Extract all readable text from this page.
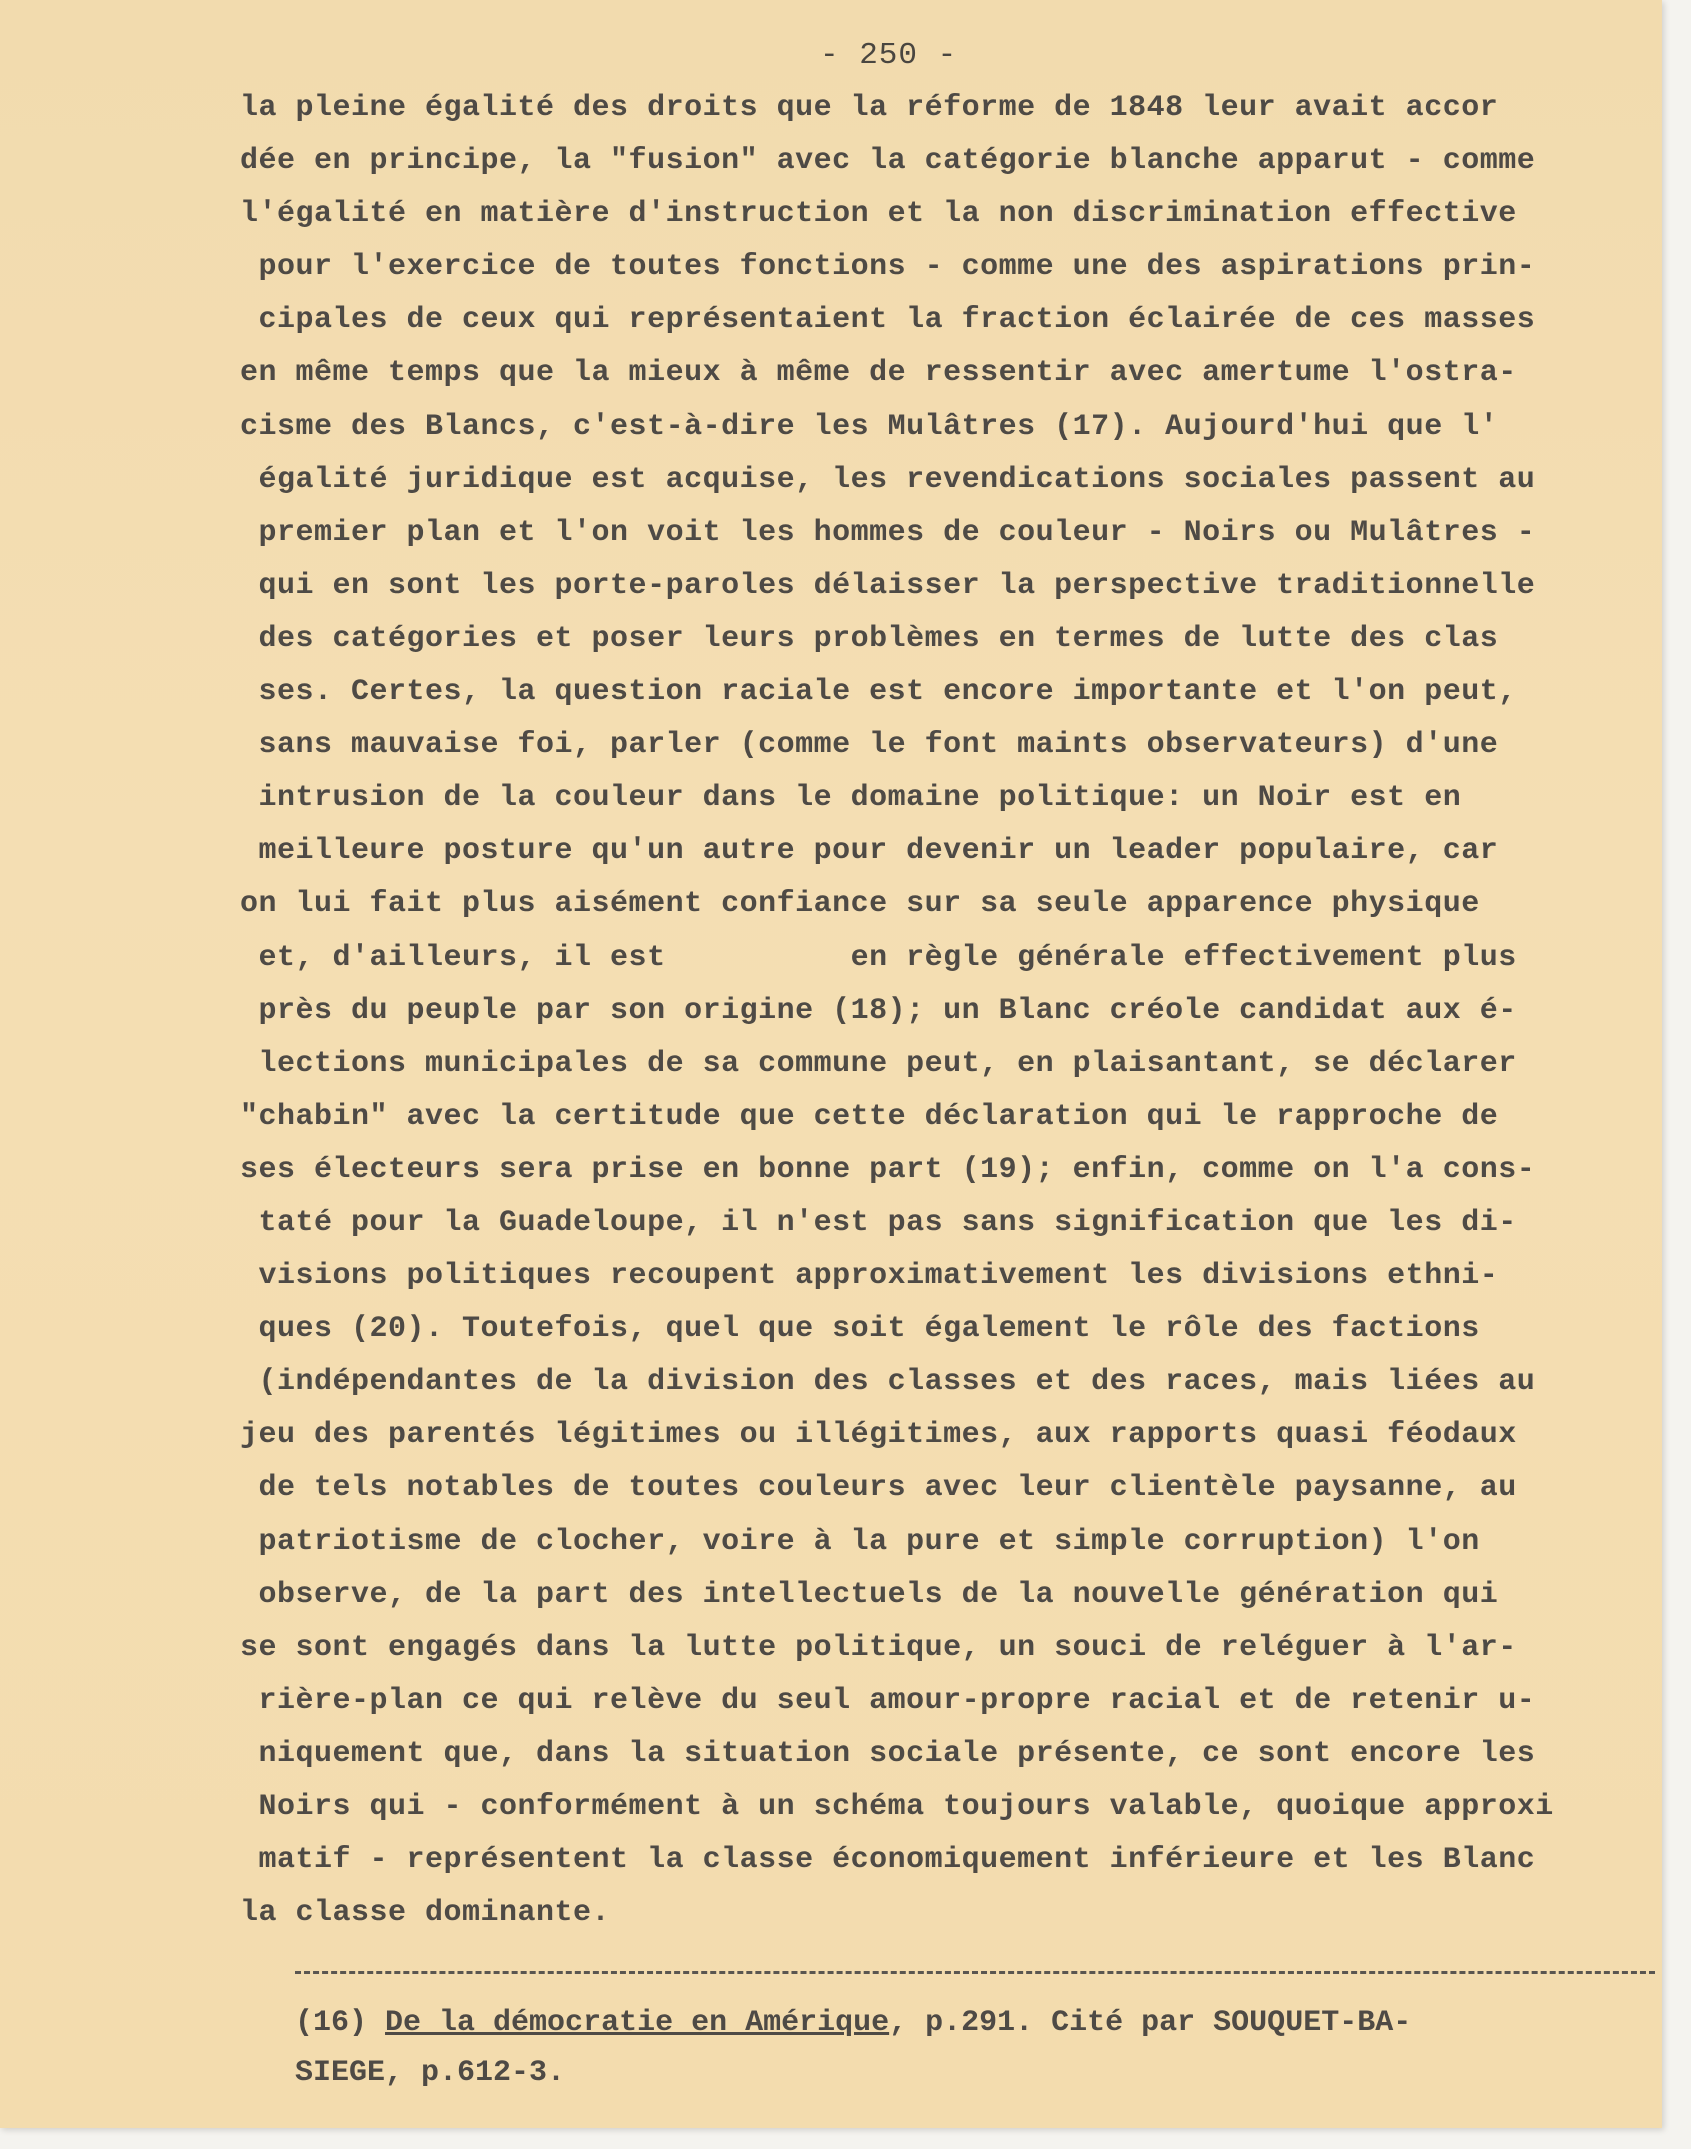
- 250 -
la pleine égalité des droits que la réforme de 1848 leur avait accor
dée en principe, la "fusion" avec la catégorie blanche apparut - comme
l'égalité en matière d'instruction et la non discrimination effective
pour l'exercice de toutes fonctions - comme une des aspirations prin-
cipales de ceux qui représentaient la fraction éclairée de ces masses
en même temps que la mieux à même de ressentir avec amertume l'ostra-
cisme des Blancs, c'est-à-dire les Mulâtres (17). Aujourd'hui que l'
égalité juridique est acquise, les revendications sociales passent au
premier plan et l'on voit les hommes de couleur - Noirs ou Mulâtres -
qui en sont les porte-paroles délaisser la perspective traditionnelle
des catégories et poser leurs problèmes en termes de lutte des clas
ses. Certes, la question raciale est encore importante et l'on peut,
sans mauvaise foi, parler (comme le font maints observateurs) d'une
intrusion de la couleur dans le domaine politique: un Noir est en
meilleure posture qu'un autre pour devenir un leader populaire, car
on lui fait plus aisément confiance sur sa seule apparence physique
et, d'ailleurs, il est          en règle générale effectivement plus
près du peuple par son origine (18); un Blanc créole candidat aux é-
lections municipales de sa commune peut, en plaisantant, se déclarer
"chabin" avec la certitude que cette déclaration qui le rapproche de
ses électeurs sera prise en bonne part (19); enfin, comme on l'a cons-
taté pour la Guadeloupe, il n'est pas sans signification que les di-
visions politiques recoupent approximativement les divisions ethni-
ques (20). Toutefois, quel que soit également le rôle des factions
(indépendantes de la division des classes et des races, mais liées au
jeu des parentés légitimes ou illégitimes, aux rapports quasi féodaux
de tels notables de toutes couleurs avec leur clientèle paysanne, au
patriotisme de clocher, voire à la pure et simple corruption) l'on
observe, de la part des intellectuels de la nouvelle génération qui
se sont engagés dans la lutte politique, un souci de reléguer à l'ar-
rière-plan ce qui relève du seul amour-propre racial et de retenir u-
niquement que, dans la situation sociale présente, ce sont encore les
Noirs qui - conformément à un schéma toujours valable, quoique approxi
matif - représentent la classe économiquement inférieure et les Blanc
la classe dominante.
(16) De la démocratie en Amérique, p.291. Cité par SOUQUET-BA-
SIEGE, p.612-3.
